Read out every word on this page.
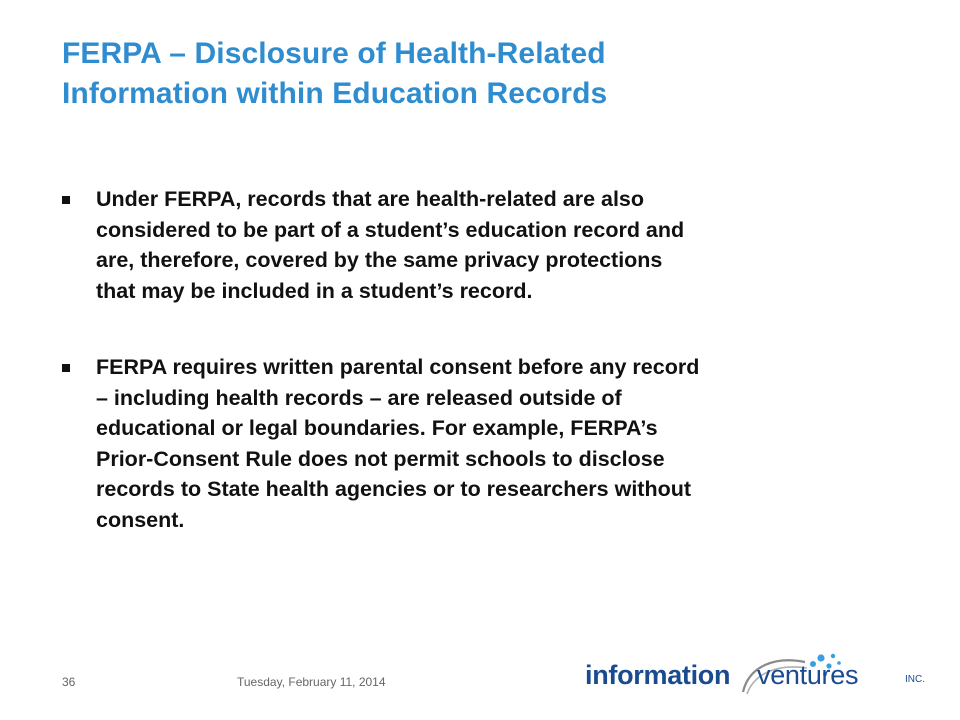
FERPA – Disclosure of Health-Related
Information within Education Records
Under FERPA, records that are health-related are also
considered to be part of a student’s education record and
are, therefore, covered by the same privacy protections
that may be included in a student’s record.
FERPA requires written parental consent before any record
– including health records – are released outside of
educational or legal boundaries. For example, FERPA’s
Prior-Consent Rule does not permit schools to disclose
records to State health agencies or to researchers without
consent.
36	Tuesday, February 11, 2014	information ventures	INC.
